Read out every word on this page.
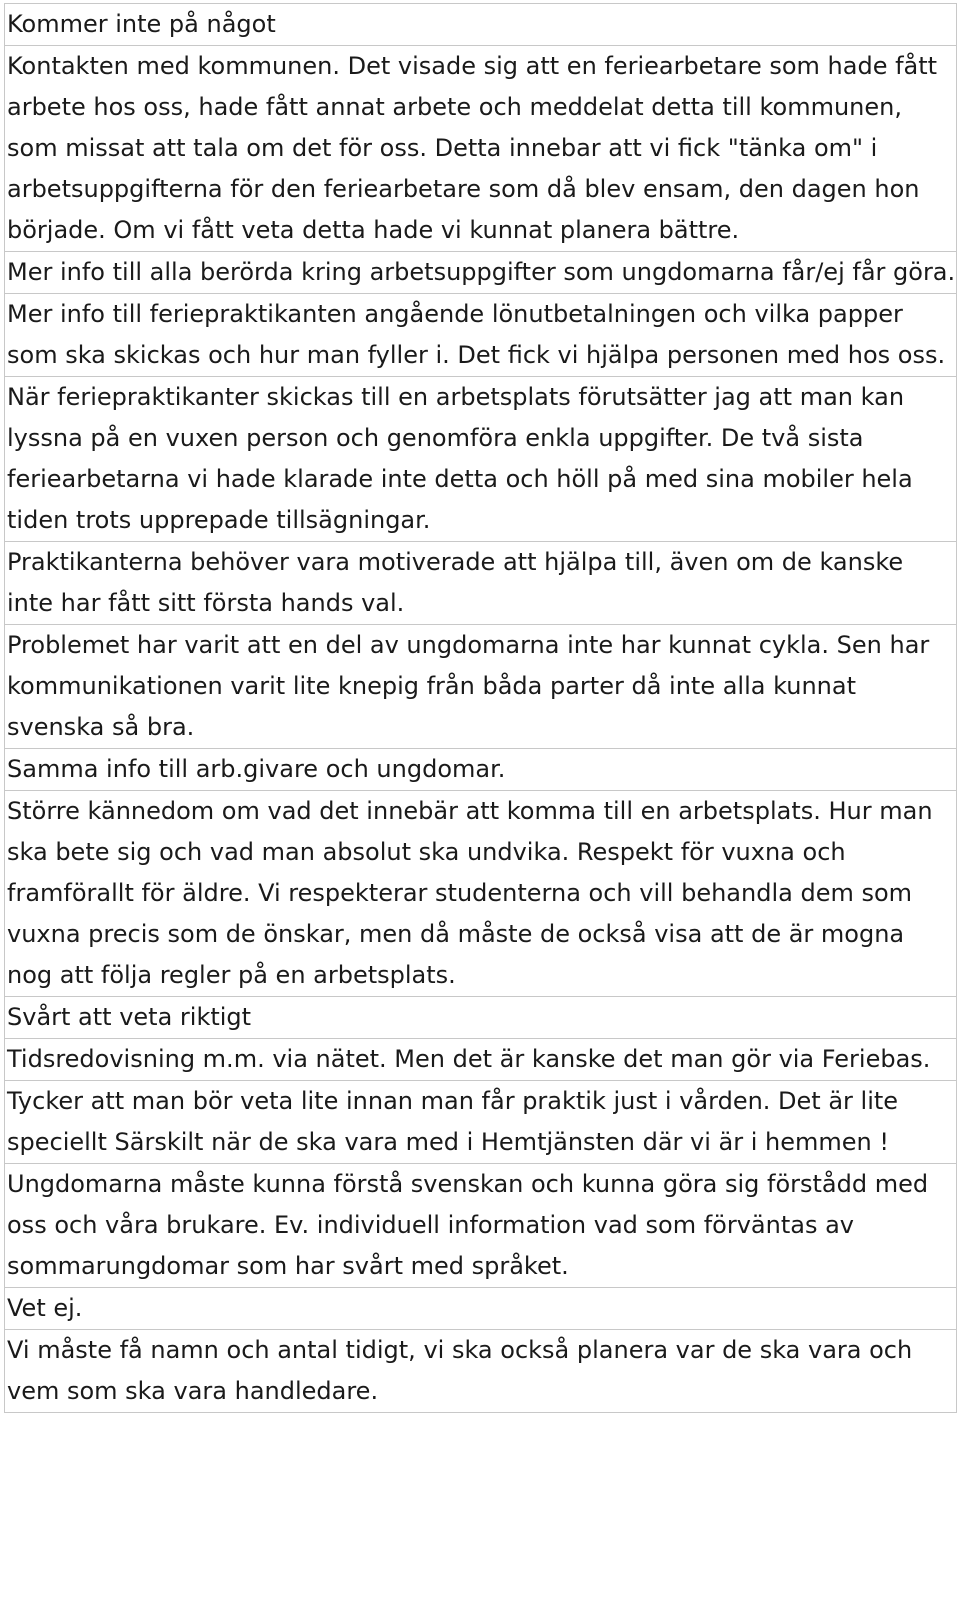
Kommer inte på något
Kontakten med kommunen. Det visade sig att en feriearbetare som hade fått arbete hos oss, hade fått annat arbete och meddelat detta till kommunen, som missat att tala om det för oss. Detta innebar att vi fick "tänka om" i arbetsuppgifterna för den feriearbetare som då blev ensam, den dagen hon började. Om vi fått veta detta hade vi kunnat planera bättre.
Mer info till alla berörda kring arbetsuppgifter som ungdomarna får/ej får göra.
Mer info till feriepraktikanten angående lönutbetalningen och vilka papper som ska skickas och hur man fyller i. Det fick vi hjälpa personen med hos oss.
När feriepraktikanter skickas till en arbetsplats förutsätter jag att man kan lyssna på en vuxen person och genomföra enkla uppgifter. De två sista feriearbetarna vi hade klarade inte detta och höll på med sina mobiler hela tiden trots upprepade tillsägningar.
Praktikanterna behöver vara motiverade att hjälpa till, även om de kanske inte har fått sitt första hands val.
Problemet har varit att en del av ungdomarna inte har kunnat cykla. Sen har kommunikationen varit lite knepig från båda parter då inte alla kunnat svenska så bra.
Samma info till arb.givare och ungdomar.
Större kännedom om vad det innebär att komma till en arbetsplats. Hur man ska bete sig och vad man absolut ska undvika. Respekt för vuxna och framförallt för äldre. Vi respekterar studenterna och vill behandla dem som vuxna precis som de önskar, men då måste de också visa att de är mogna nog att följa regler på en arbetsplats.
Svårt att veta riktigt
Tidsredovisning m.m. via nätet. Men det är kanske det man gör via Feriebas.
Tycker att man bör veta lite innan man får praktik just i vården. Det är lite speciellt Särskilt när de ska vara med i Hemtjänsten där vi är i hemmen !
Ungdomarna måste kunna förstå svenskan och kunna göra sig förstådd med oss och våra brukare. Ev. individuell information vad som förväntas av sommarungdomar som har svårt med språket.
Vet ej.
Vi måste få namn och antal tidigt, vi ska också planera var de ska vara och vem som ska vara handledare.
